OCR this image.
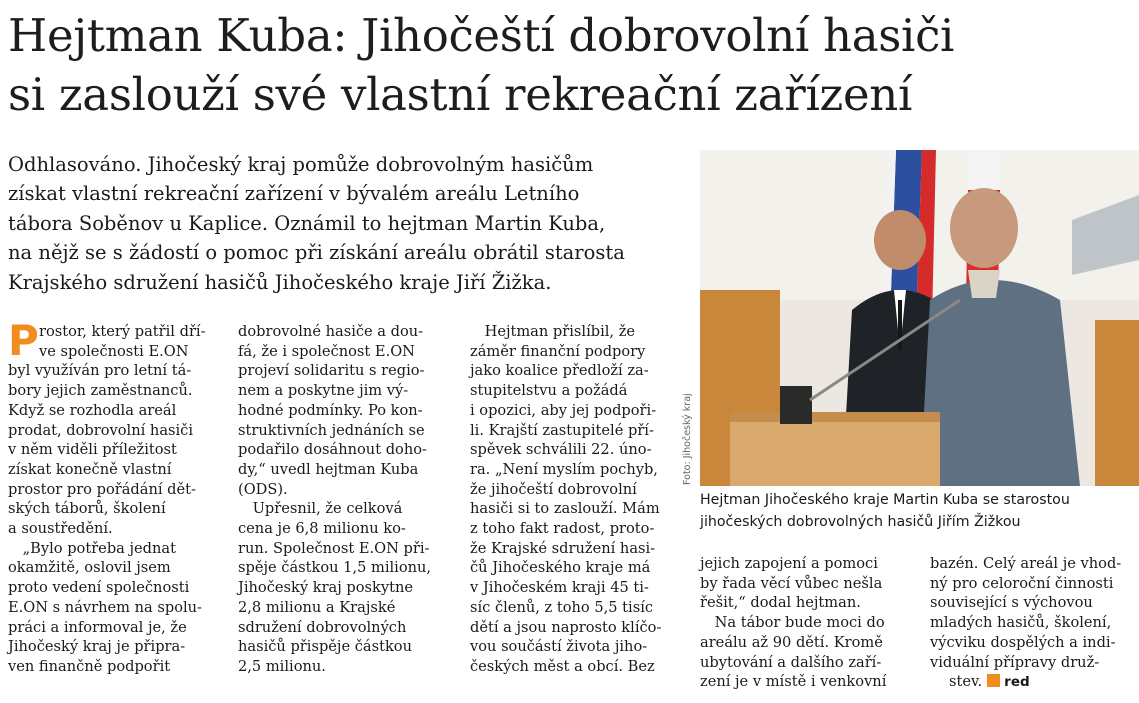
Hejtman Kuba: Jihočeští dobrovolní hasiči
si zaslouží své vlastní rekreační zařízení
Odhlasováno. Jihočeský kraj pomůže dobrovolným hasičům
získat vlastní rekreační zařízení v bývalém areálu Letního
tábora Soběnov u Kaplice. Oznámil to hejtman Martin Kuba,
na nějž se s žádostí o pomoc při získání areálu obrátil starosta
Krajského sdružení hasičů Jihočeského kraje Jiří Žižka.
P rostor, který patřil dří-
ve společnosti E.ON
byl využíván pro letní tá-
bory jejich zaměstnanců.
Když se rozhodla areál
prodat, dobrovolní hasiči
v něm viděli příležitost
získat konečně vlastní
prostor pro pořádání dět-
ských táborů, školení
a soustředění.
 „Bylo potřeba jednat
okamžitě, oslovil jsem
proto vedení společnosti
E.ON s návrhem na spolu-
práci a informoval je, že
Jihočeský kraj je připra-
ven finančně podpořit
dobrovolné hasiče a dou-
fá, že i společnost E.ON
projeví solidaritu s regio-
nem a poskytne jim vý-
hodné podmínky. Po kon-
struktivních jednáních se
podařilo dosáhnout doho-
dy,“ uvedl hejtman Kuba
(ODS).
 Upřesnil, že celková
cena je 6,8 milionu ko-
run. Společnost E.ON při-
spěje částkou 1,5 milionu,
Jihočeský kraj poskytne
2,8 milionu a Krajské
sdružení dobrovolných
hasičů přispěje částkou
2,5 milionu.
 Hejtman přislíbil, že
záměr finanční podpory
jako koalice předloží za-
stupitelstvu a požádá
i opozici, aby jej podpoři-
li. Krajští zastupitelé pří-
spěvek schválili 22. úno-
ra. „Není myslím pochyb,
že jihočeští dobrovolní
hasiči si to zaslouží. Mám
z toho fakt radost, proto-
že Krajské sdružení hasi-
čů Jihočeského kraje má
v Jihočeském kraji 45 ti-
síc členů, z toho 5,5 tisíc
dětí a jsou naprosto klíčo-
vou součástí života jiho-
českých měst a obcí. Bez
jejich zapojení a pomoci
by řada věcí vůbec nešla
řešit,“ dodal hejtman.
 Na tábor bude moci do
areálu až 90 dětí. Kromě
ubytování a dalšího zaří-
zení je v místě i venkovní
bazén. Celý areál je vhod-
ný pro celoroční činnosti
související s výchovou
mladých hasičů, školení,
výcviku dospělých a indi-
viduální přípravy druž-
stev. red
Foto: Jihočeský kraj
Hejtman Jihočeského kraje Martin Kuba se starostou
jihočeských dobrovolných hasičů Jiřím Žižkou
